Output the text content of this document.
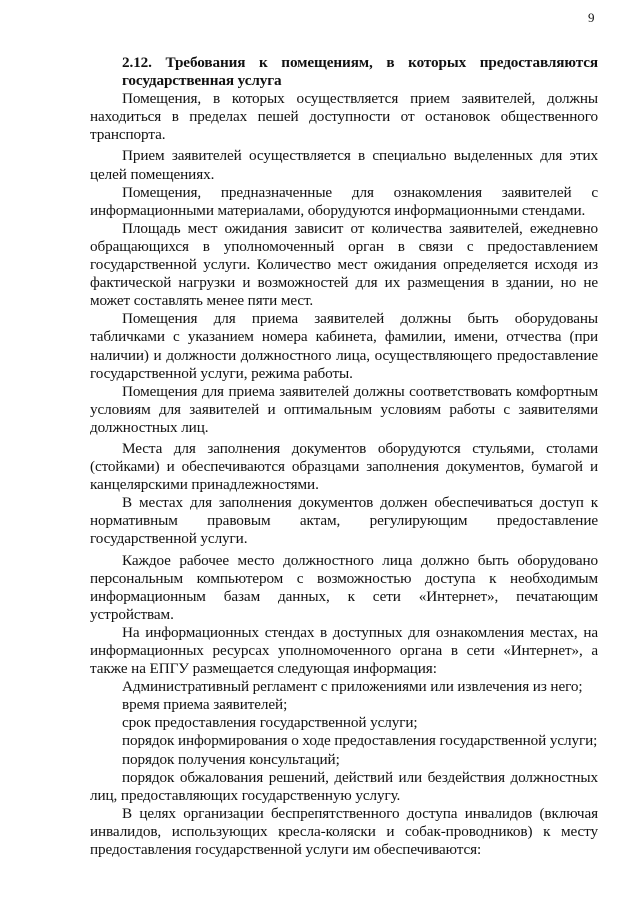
9

2.12. Требования к помещениям, в которых предоставляются государственная услуга

Помещения, в которых осуществляется прием заявителей, должны находиться в пределах пешей доступности от остановок общественного транспорта.

Прием заявителей осуществляется в специально выделенных для этих целей помещениях.

Помещения, предназначенные для ознакомления заявителей с информационными материалами, оборудуются информационными стендами.

Площадь мест ожидания зависит от количества заявителей, ежедневно обращающихся в уполномоченный орган в связи с предоставлением государственной услуги. Количество мест ожидания определяется исходя из фактической нагрузки и возможностей для их размещения в здании, но не может составлять менее пяти мест.

Помещения для приема заявителей должны быть оборудованы табличками с указанием номера кабинета, фамилии, имени, отчества (при наличии) и должности должностного лица, осуществляющего предоставление государственной услуги, режима работы.

Помещения для приема заявителей должны соответствовать комфортным условиям для заявителей и оптимальным условиям работы с заявителями должностных лиц.

Места для заполнения документов оборудуются стульями, столами (стойками) и обеспечиваются образцами заполнения документов, бумагой и канцелярскими принадлежностями.

В местах для заполнения документов должен обеспечиваться доступ к нормативным правовым актам, регулирующим предоставление государственной услуги.

Каждое рабочее место должностного лица должно быть оборудовано персональным компьютером с возможностью доступа к необходимым информационным базам данных, к сети «Интернет», печатающим устройствам.

На информационных стендах в доступных для ознакомления местах, на информационных ресурсах уполномоченного органа в сети «Интернет», а также на ЕПГУ размещается следующая информация:

Административный регламент с приложениями или извлечения из него;

время приема заявителей;

срок предоставления государственной услуги;

порядок информирования о ходе предоставления государственной услуги;

порядок получения консультаций;

порядок обжалования решений, действий или бездействия должностных лиц, предоставляющих государственную услугу.

В целях организации беспрепятственного доступа инвалидов (включая инвалидов, использующих кресла-коляски и собак-проводников) к месту предоставления государственной услуги им обеспечиваются:
